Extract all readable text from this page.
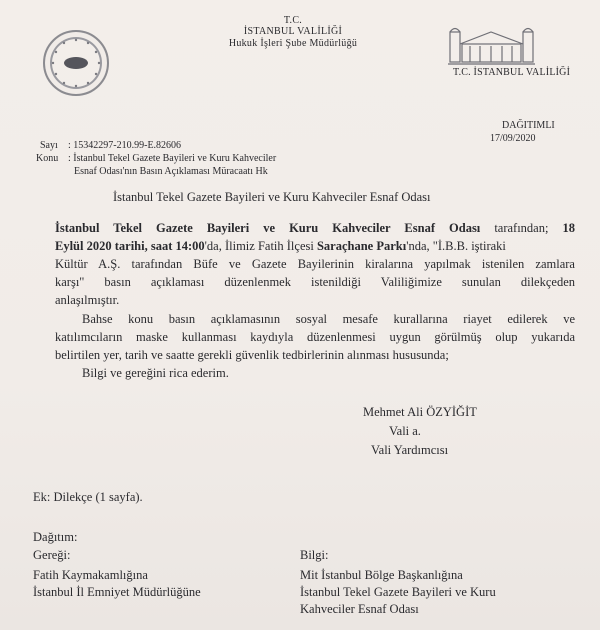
T.C.
İSTANBUL VALİLİĞİ
Hukuk İşleri Şube Müdürlüğü
T.C. İSTANBUL VALİLİĞİ
DAĞITIMLI
17/09/2020
Sayı : 15342297-210.99-E.82606
Konu : İstanbul Tekel Gazete Bayileri ve Kuru Kahveciler
Esnaf Odası'nın Basın Açıklaması Müracaatı Hk
İstanbul Tekel Gazete Bayileri ve Kuru Kahveciler Esnaf Odası
İstanbul Tekel Gazete Bayileri ve Kuru Kahveciler Esnaf Odası tarafından; 18
Eylül 2020 tarihi, saat 14:00'da, İlimiz Fatih İlçesi Saraçhane Parkı'nda, "İ.B.B. iştiraki
Kültür A.Ş. tarafından Büfe ve Gazete Bayilerinin kiralarına yapılmak istenilen zamlara
karşı" basın açıklaması düzenlenmek istenildiği Valiliğimize sunulan dilekçeden
anlaşılmıştır.
Bahse konu basın açıklamasının sosyal mesafe kurallarına riayet edilerek ve
katılımcıların maske kullanması kaydıyla düzenlenmesi uygun görülmüş olup yukarıda
belirtilen yer, tarih ve saatte gerekli güvenlik tedbirlerinin alınması hususunda;
Bilgi ve gereğini rica ederim.
Mehmet Ali ÖZYİĞİT
Vali a.
Vali Yardımcısı
Ek: Dilekçe (1 sayfa).
Dağıtım:
Gereği:
Fatih Kaymakamlığına
İstanbul İl Emniyet Müdürlüğüne
Bilgi:
Mit İstanbul Bölge Başkanlığına
İstanbul Tekel Gazete Bayileri ve Kuru
Kahveciler Esnaf Odası
